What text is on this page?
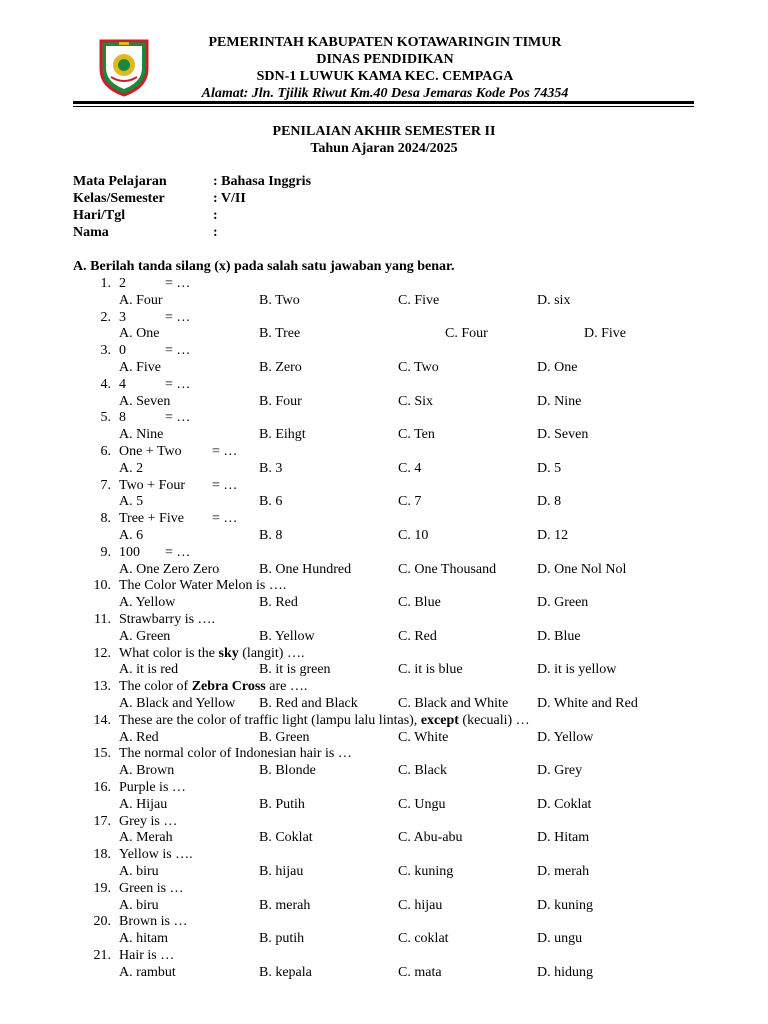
PEMERINTAH KABUPATEN KOTAWARINGIN TIMUR
DINAS PENDIDIKAN
SDN-1 LUWUK KAMA KEC. CEMPAGA
Alamat: Jln. Tjilik Riwut Km.40 Desa Jemaras Kode Pos 74354
PENILAIAN AKHIR SEMESTER II
Tahun Ajaran 2024/2025
Mata Pelajaran	: Bahasa Inggris
Kelas/Semester	: V/II
Hari/Tgl	:
Nama	:
A. Berilah tanda silang (x) pada salah satu jawaban yang benar.
1. 2	= …
A. Four	B. Two	C. Five	D. six
2. 3	= …
A. One	B. Tree	C. Four	D. Five
3. 0	= …
A. Five	B. Zero	C. Two	D. One
4. 4	= …
A. Seven	B. Four	C. Six	D. Nine
5. 8	= …
A. Nine	B. Eihgt	C. Ten	D. Seven
6. One + Two = …
A. 2	B. 3	C. 4	D. 5
7. Two + Four = …
A. 5	B. 6	C. 7	D. 8
8. Tree + Five = …
A. 6	B. 8	C. 10	D. 12
9. 100 = …
A. One Zero Zero	B. One Hundred	C. One Thousand	D. One Nol Nol
10. The Color Water Melon is ….
A. Yellow	B. Red	C. Blue	D. Green
11. Strawbarry is ….
A. Green	B. Yellow	C. Red	D. Blue
12. What color is the sky (langit) ….
A. it is red	B. it is green	C. it is blue	D. it is yellow
13. The color of Zebra Cross are ….
A. Black and Yellow B. Red and Black	C. Black and White D. White and Red
14. These are the color of traffic light (lampu lalu lintas), except (kecuali) …
A. Red	B. Green	C. White	D. Yellow
15. The normal color of Indonesian hair is …
A. Brown	B. Blonde	C. Black	D. Grey
16. Purple is …
A. Hijau	B. Putih	C. Ungu	D. Coklat
17. Grey is …
A. Merah	B. Coklat	C. Abu-abu	D. Hitam
18. Yellow is ….
A. biru	B. hijau	C. kuning	D. merah
19. Green is …
A. biru	B. merah	C. hijau	D. kuning
20. Brown is …
A. hitam	B. putih	C. coklat	D. ungu
21. Hair is …
A. rambut	B. kepala	C. mata	D. hidung
